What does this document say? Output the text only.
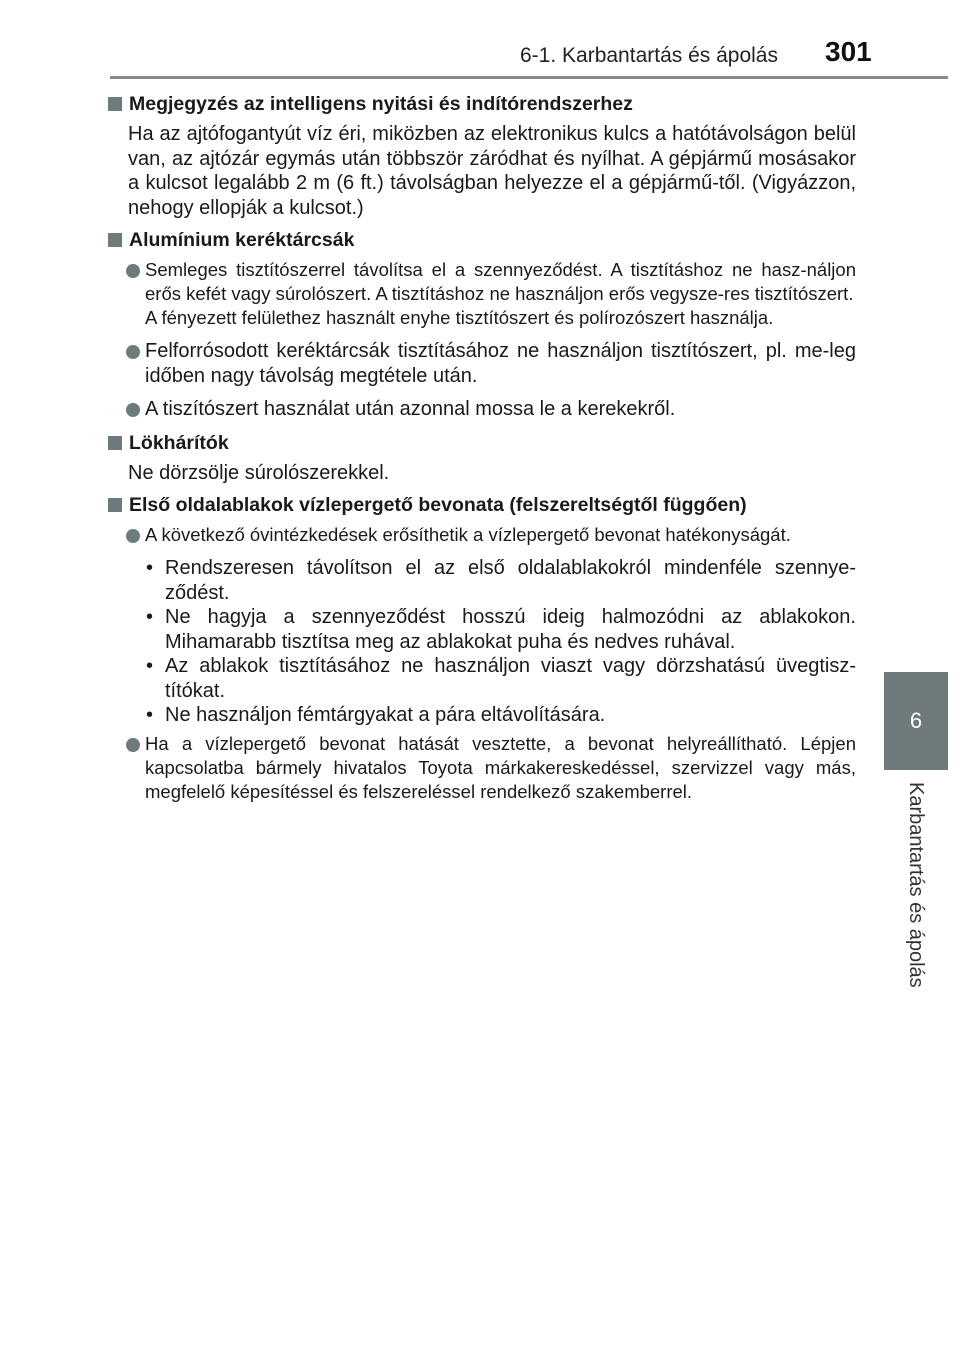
6-1. Karbantartás és ápolás 301
6
Karbantartás és ápolás
Megjegyzés az intelligens nyitási és indítórendszerhez
Ha az ajtófogantyút víz éri, miközben az elektronikus kulcs a hatótávolságon belül van, az ajtózár egymás után többször záródhat és nyílhat. A gépjármű mosásakor a kulcsot legalább 2 m (6 ft.) távolságban helyezze el a gépjármű-től. (Vigyázzon, nehogy ellopják a kulcsot.)
Alumínium keréktárcsák
Semleges tisztítószerrel távolítsa el a szennyeződést. A tisztításhoz ne hasz-náljon erős kefét vagy súrolószert. A tisztításhoz ne használjon erős vegysze-res tisztítószert.
A fényezett felülethez használt enyhe tisztítószert és polírozószert használja.
Felforrósodott keréktárcsák tisztításához ne használjon tisztítószert, pl. me-leg időben nagy távolság megtétele után.
A tiszítószert használat után azonnal mossa le a kerekekről.
Lökhárítók
Ne dörzsölje súrolószerekkel.
Első oldalablakok vízlepergető bevonata (felszereltségtől függően)
A következő óvintézkedések erősíthetik a vízlepergető bevonat hatékonyságát.
• Rendszeresen távolítson el az első oldalablakokról mindenféle szennye-ződést.
• Ne hagyja a szennyeződést hosszú ideig halmozódni az ablakokon. Mihamarabb tisztítsa meg az ablakokat puha és nedves ruhával.
• Az ablakok tisztításához ne használjon viaszt vagy dörzshatású üvegtisz-títókat.
• Ne használjon fémtárgyakat a pára eltávolítására.
Ha a vízlepergető bevonat hatását vesztette, a bevonat helyreállítható. Lépjen kapcsolatba bármely hivatalos Toyota márkakereskedéssel, szervizzel vagy más, megfelelő képesítéssel és felszereléssel rendelkező szakemberrel.
